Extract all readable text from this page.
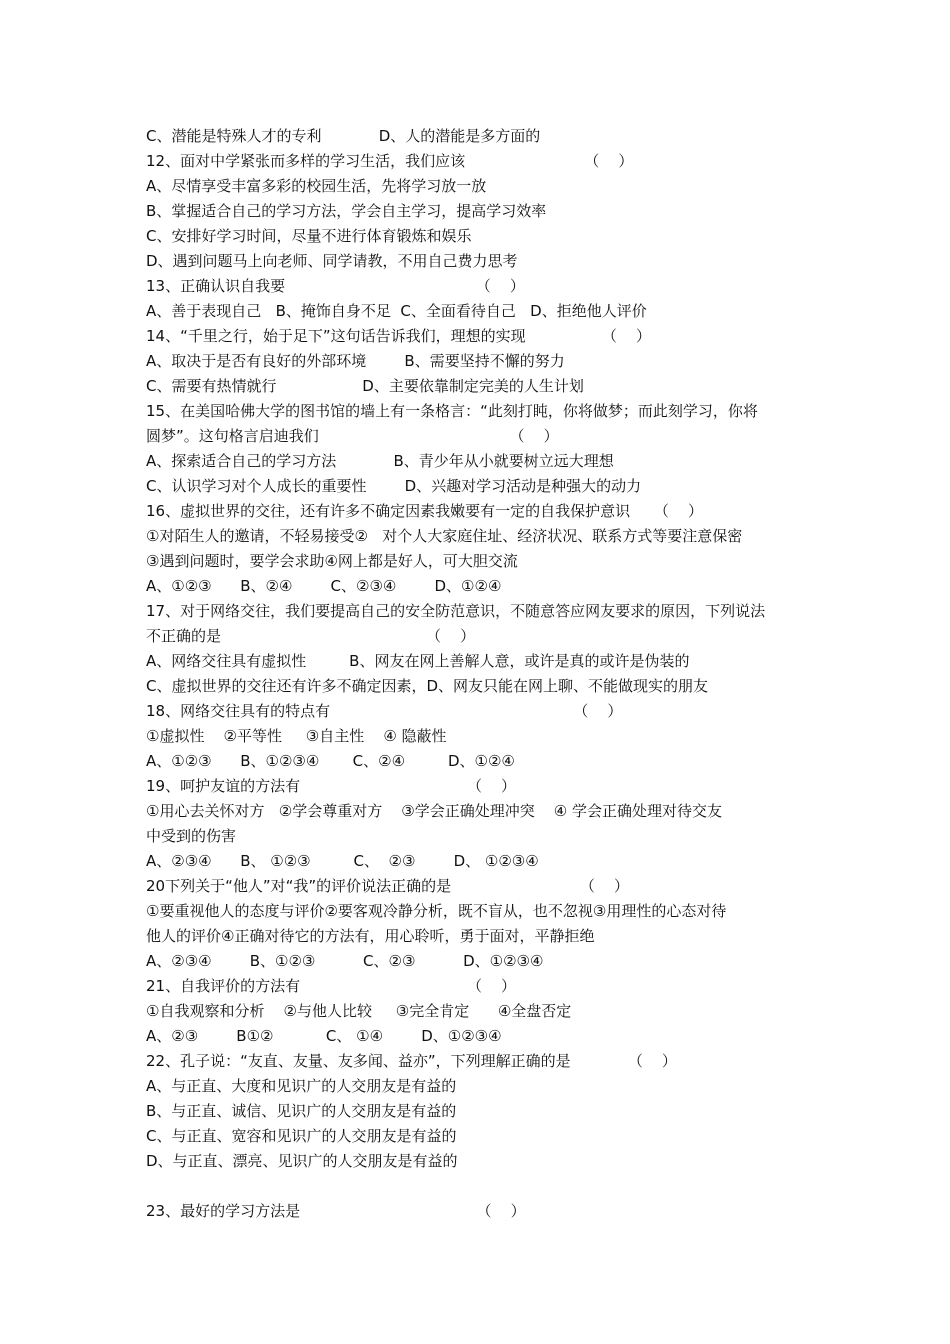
C、潜能是特殊人才的专利            D、人的潜能是多方面的
12、面对中学紧张而多样的学习生活，我们应该                         （    ）
A、尽情享受丰富多彩的校园生活，先将学习放一放
B、掌握适合自己的学习方法，学会自主学习，提高学习效率
C、安排好学习时间，尽量不进行体育锻炼和娱乐
D、遇到问题马上向老师、同学请教，不用自己费力思考
13、正确认识自我要                                        （    ）
A、善于表现自己   B、掩饰自身不足  C、全面看待自己   D、拒绝他人评价
14、“千里之行，始于足下”这句话告诉我们，理想的实现                （    ）
A、取决于是否有良好的外部环境        B、需要坚持不懈的努力
C、需要有热情就行                  D、主要依靠制定完美的人生计划
15、在美国哈佛大学的图书馆的墙上有一条格言：“此刻打盹，你将做梦；而此刻学习，你将
圆梦”。这句格言启迪我们                                        （    ）
A、探索适合自己的学习方法            B、青少年从小就要树立远大理想
C、认识学习对个人成长的重要性        D、兴趣对学习活动是种强大的动力
16、虚拟世界的交往，还有许多不确定因素我嫩要有一定的自我保护意识     （    ）
①对陌生人的邀请，不轻易接受②   对个人大家庭住址、经济状况、联系方式等要注意保密
③遇到问题时，要学会求助④网上都是好人，可大胆交流
A、①②③      B、②④        C、②③④        D、①②④
17、对于网络交往，我们要提高自己的安全防范意识，不随意答应网友要求的原因，下列说法
不正确的是                                           （    ）
A、网络交往具有虚拟性         B、网友在网上善解人意，或许是真的或许是伪装的
C、虚拟世界的交往还有许多不确定因素，D、网友只能在网上聊、不能做现实的朋友
18、网络交往具有的特点有                                                   （    ）
①虚拟性    ②平等性     ③自主性    ④ 隐蔽性
A、①②③      B、①②③④       C、②④         D、①②④
19、呵护友谊的方法有                                   （    ）
①用心去关怀对方   ②学会尊重对方    ③学会正确处理冲突    ④ 学会正确处理对待交友
中受到的伤害
A、②③④      B、 ①②③         C、  ②③        D、 ①②③④
20下列关于“他人”对“我”的评价说法正确的是                           （    ）
①要重视他人的态度与评价②要客观冷静分析，既不盲从，也不忽视③用理性的心态对待
他人的评价④正确对待它的方法有，用心聆听，勇于面对，平静拒绝
A、②③④        B、①②③          C、②③          D、①②③④
21、自我评价的方法有                                   （    ）
①自我观察和分析    ②与他人比较     ③完全肯定      ④全盘否定
A、②③        B①②           C、 ①④        D、①②③④
22、孔子说：“友直、友量、友多闻、益亦”，下列理解正确的是            （    ）
A、与正直、大度和见识广的人交朋友是有益的
B、与正直、诚信、见识广的人交朋友是有益的
C、与正直、宽容和见识广的人交朋友是有益的
D、与正直、漂亮、见识广的人交朋友是有益的
23、最好的学习方法是                                     （    ）
